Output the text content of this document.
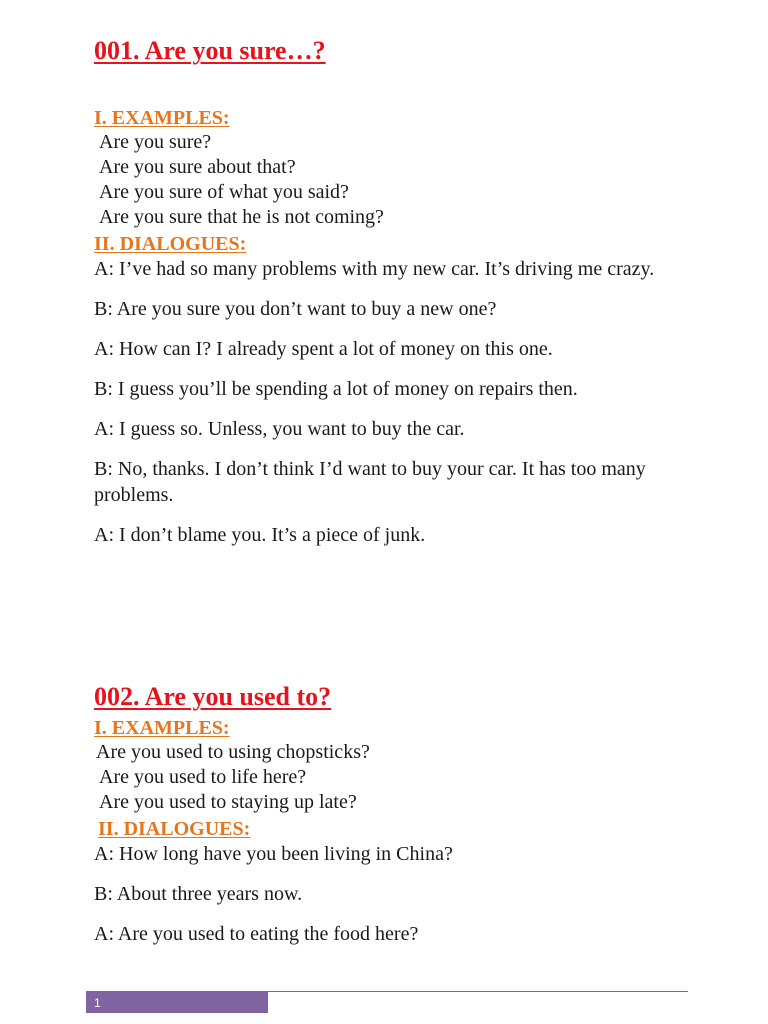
001. Are you sure…?
I. EXAMPLES:
Are you sure?
Are you sure about that?
Are you sure of what you said?
Are you sure that he is not coming?
II. DIALOGUES:

A: I’ve had so many problems with my new car. It’s driving me crazy.

B: Are you sure you don’t want to buy a new one?

A: How can I? I already spent a lot of money on this one.

B: I guess you’ll be spending a lot of money on repairs then.

A: I guess so. Unless, you want to buy the car.

B: No, thanks. I don’t think I’d want to buy your car. It has too many problems.

A: I don’t blame you. It’s a piece of junk.

002. Are you used to?
I. EXAMPLES:
Are you used to using chopsticks?
Are you used to life here?
Are you used to staying up late?
II. DIALOGUES:

A: How long have you been living in China?

B: About three years now.

A: Are you used to eating the food here?

1
